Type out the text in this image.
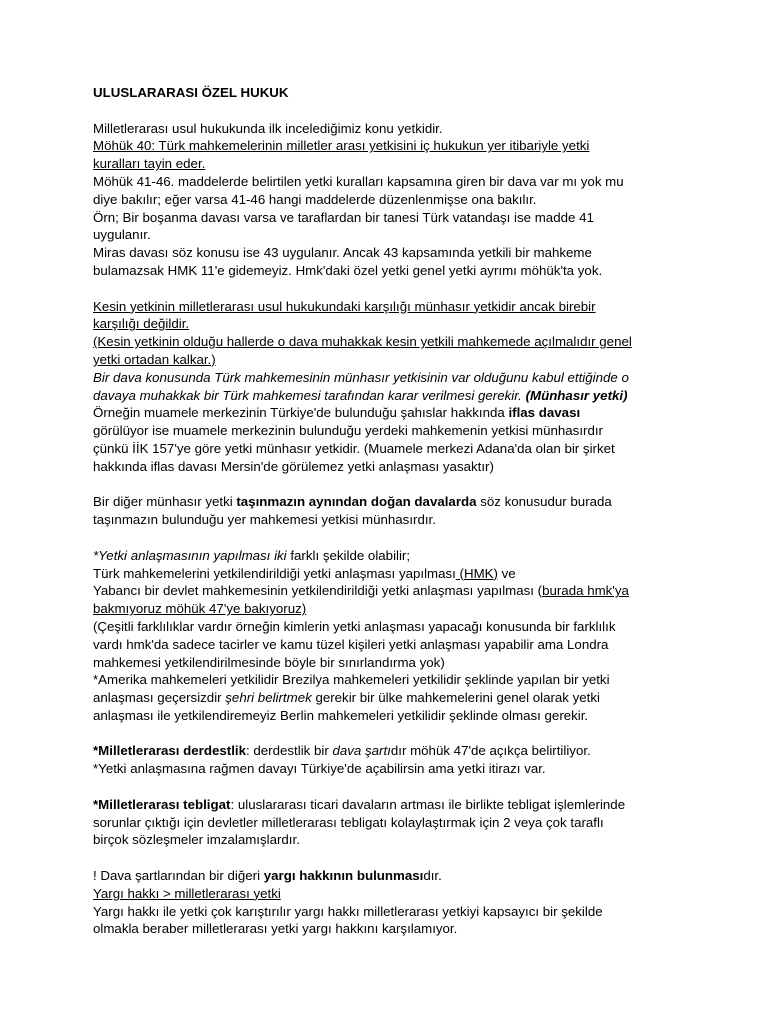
ULUSLARARASI ÖZEL HUKUK
Milletlerarası usul hukukunda ilk incelediğimiz konu yetkidir.
Möhük 40: Türk mahkemelerinin milletler arası yetkisini iç hukukun yer itibariyle yetki
kuralları tayin eder.
Möhük 41-46. maddelerde belirtilen yetki kuralları kapsamına giren bir dava var mı yok mu
diye bakılır; eğer varsa 41-46 hangi maddelerde düzenlenmişse ona bakılır.
Örn; Bir boşanma davası varsa ve taraflardan bir tanesi Türk vatandaşı ise madde 41
uygulanır.
Miras davası söz konusu ise 43 uygulanır. Ancak 43 kapsamında yetkili bir mahkeme
bulamazsak HMK 11'e gidemeyiz. Hmk'daki özel yetki genel yetki ayrımı möhük'ta yok.
Kesin yetkinin milletlerarası usul hukukundaki karşılığı münhasır yetkidir ancak birebir
karşılığı değildir.
(Kesin yetkinin olduğu hallerde o dava muhakkak kesin yetkili mahkemede açılmalıdır genel
yetki ortadan kalkar.)
Bir dava konusunda Türk mahkemesinin münhasır yetkisinin var olduğunu kabul ettiğinde o
davaya muhakkak bir Türk mahkemesi tarafından karar verilmesi gerekir. (Münhasır yetki)
Örneğin muamele merkezinin Türkiye'de bulunduğu şahıslar hakkında iflas davası
görülüyor ise muamele merkezinin bulunduğu yerdeki mahkemenin yetkisi münhasırdır
çünkü İİK 157'ye göre yetki münhasır yetkidir. (Muamele merkezi Adana'da olan bir şirket
hakkında iflas davası Mersin'de görülemez yetki anlaşması yasaktır)
Bir diğer münhasır yetki taşınmazın aynından doğan davalarda söz konusudur burada
taşınmazın bulunduğu yer mahkemesi yetkisi münhasırdır.
*Yetki anlaşmasının yapılması iki farklı şekilde olabilir;
Türk mahkemelerini yetkilendirildiği yetki anlaşması yapılması (HMK) ve
Yabancı bir devlet mahkemesinin yetkilendirildiği yetki anlaşması yapılması (burada hmk'ya
bakmıyoruz möhük 47'ye bakıyoruz)
(Çeşitli farklılıklar vardır örneğin kimlerin yetki anlaşması yapacağı konusunda bir farklılık
vardı hmk'da sadece tacirler ve kamu tüzel kişileri yetki anlaşması yapabilir ama Londra
mahkemesi yetkilendirilmesinde böyle bir sınırlandırma yok)
*Amerika mahkemeleri yetkilidir Brezilya mahkemeleri yetkilidir şeklinde yapılan bir yetki
anlaşması geçersizdir şehri belirtmek gerekir bir ülke mahkemelerini genel olarak yetki
anlaşması ile yetkilendiremeyiz Berlin mahkemeleri yetkilidir şeklinde olması gerekir.
*Milletlerarası derdestlik: derdestlik bir dava şartıdır möhük 47'de açıkça belirtiliyor.
*Yetki anlaşmasına rağmen davayı Türkiye'de açabilirsin ama yetki itirazı var.
*Milletlerarası tebligat: uluslararası ticari davaların artması ile birlikte tebligat işlemlerinde
sorunlar çıktığı için devletler milletlerarası tebligatı kolaylaştırmak için 2 veya çok taraflı
birçok sözleşmeler imzalamışlardır.
! Dava şartlarından bir diğeri yargı hakkının bulunmasıdır.
Yargı hakkı > milletlerarası yetki
Yargı hakkı ile yetki çok karıştırılır yargı hakkı milletlerarası yetkiyi kapsayıcı bir şekilde
olmakla beraber milletlerarası yetki yargı hakkını karşılamıyor.
